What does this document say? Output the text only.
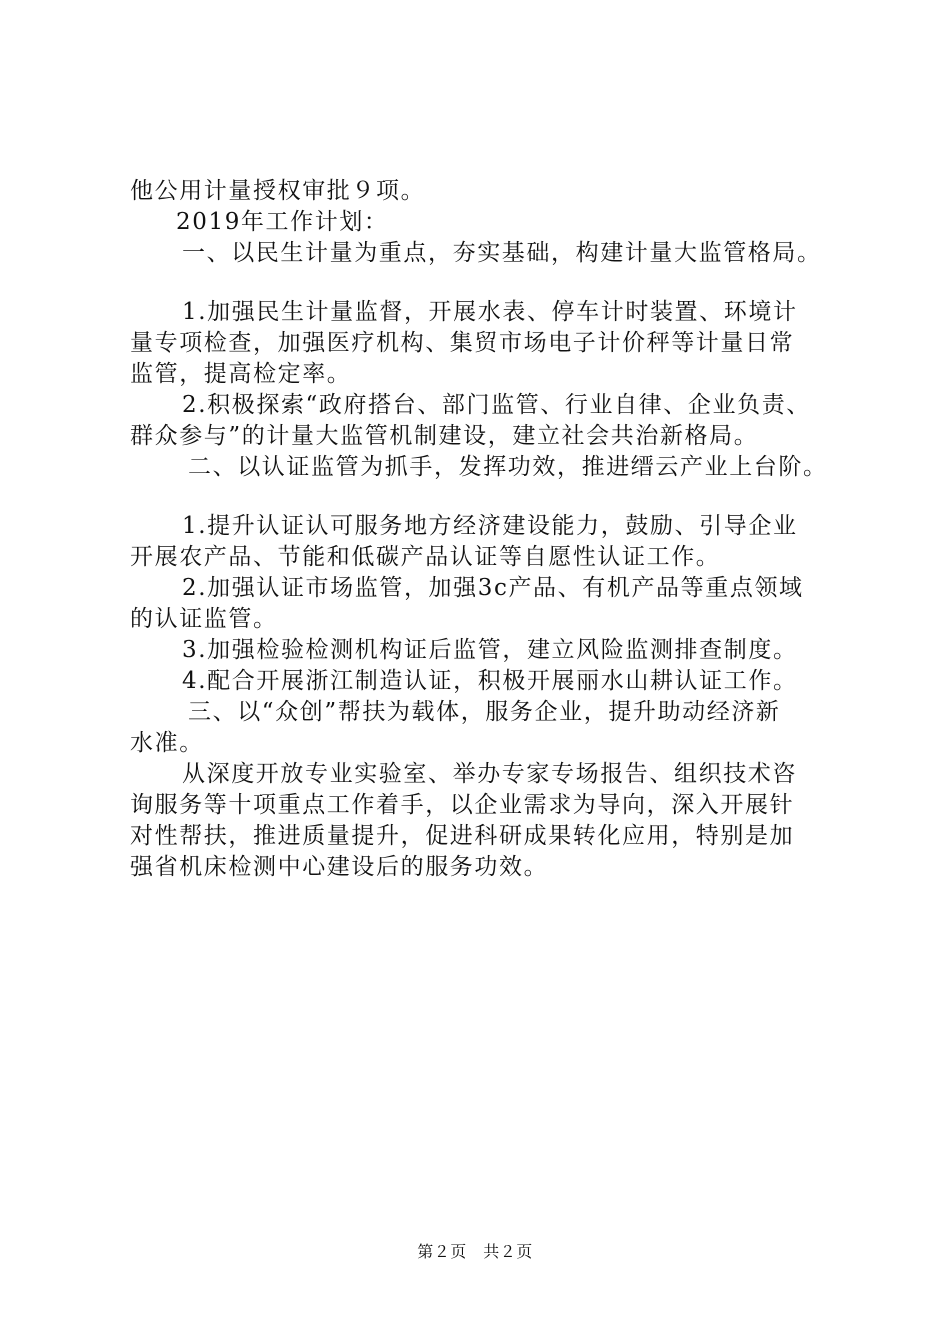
他公用计量授权审批９项。
2019年工作计划：
一、以民生计量为重点，夯实基础，构建计量大监管格局。
1.加强民生计量监督，开展水表、停车计时装置、环境计
量专项检查，加强医疗机构、集贸市场电子计价秤等计量日常
监管，提高检定率。
2.积极探索“政府搭台、部门监管、行业自律、企业负责、
群众参与”的计量大监管机制建设，建立社会共治新格局。
二、以认证监管为抓手，发挥功效，推进缙云产业上台阶。
1.提升认证认可服务地方经济建设能力，鼓励、引导企业
开展农产品、节能和低碳产品认证等自愿性认证工作。
2.加强认证市场监管，加强3c产品、有机产品等重点领域
的认证监管。
3.加强检验检测机构证后监管，建立风险监测排查制度。
4.配合开展浙江制造认证，积极开展丽水山耕认证工作。
三、以“众创”帮扶为载体，服务企业，提升助动经济新
水准。
从深度开放专业实验室、举办专家专场报告、组织技术咨
询服务等十项重点工作着手，以企业需求为导向，深入开展针
对性帮扶，推进质量提升，促进科研成果转化应用，特别是加
强省机床检测中心建设后的服务功效。
第２页　共２页
